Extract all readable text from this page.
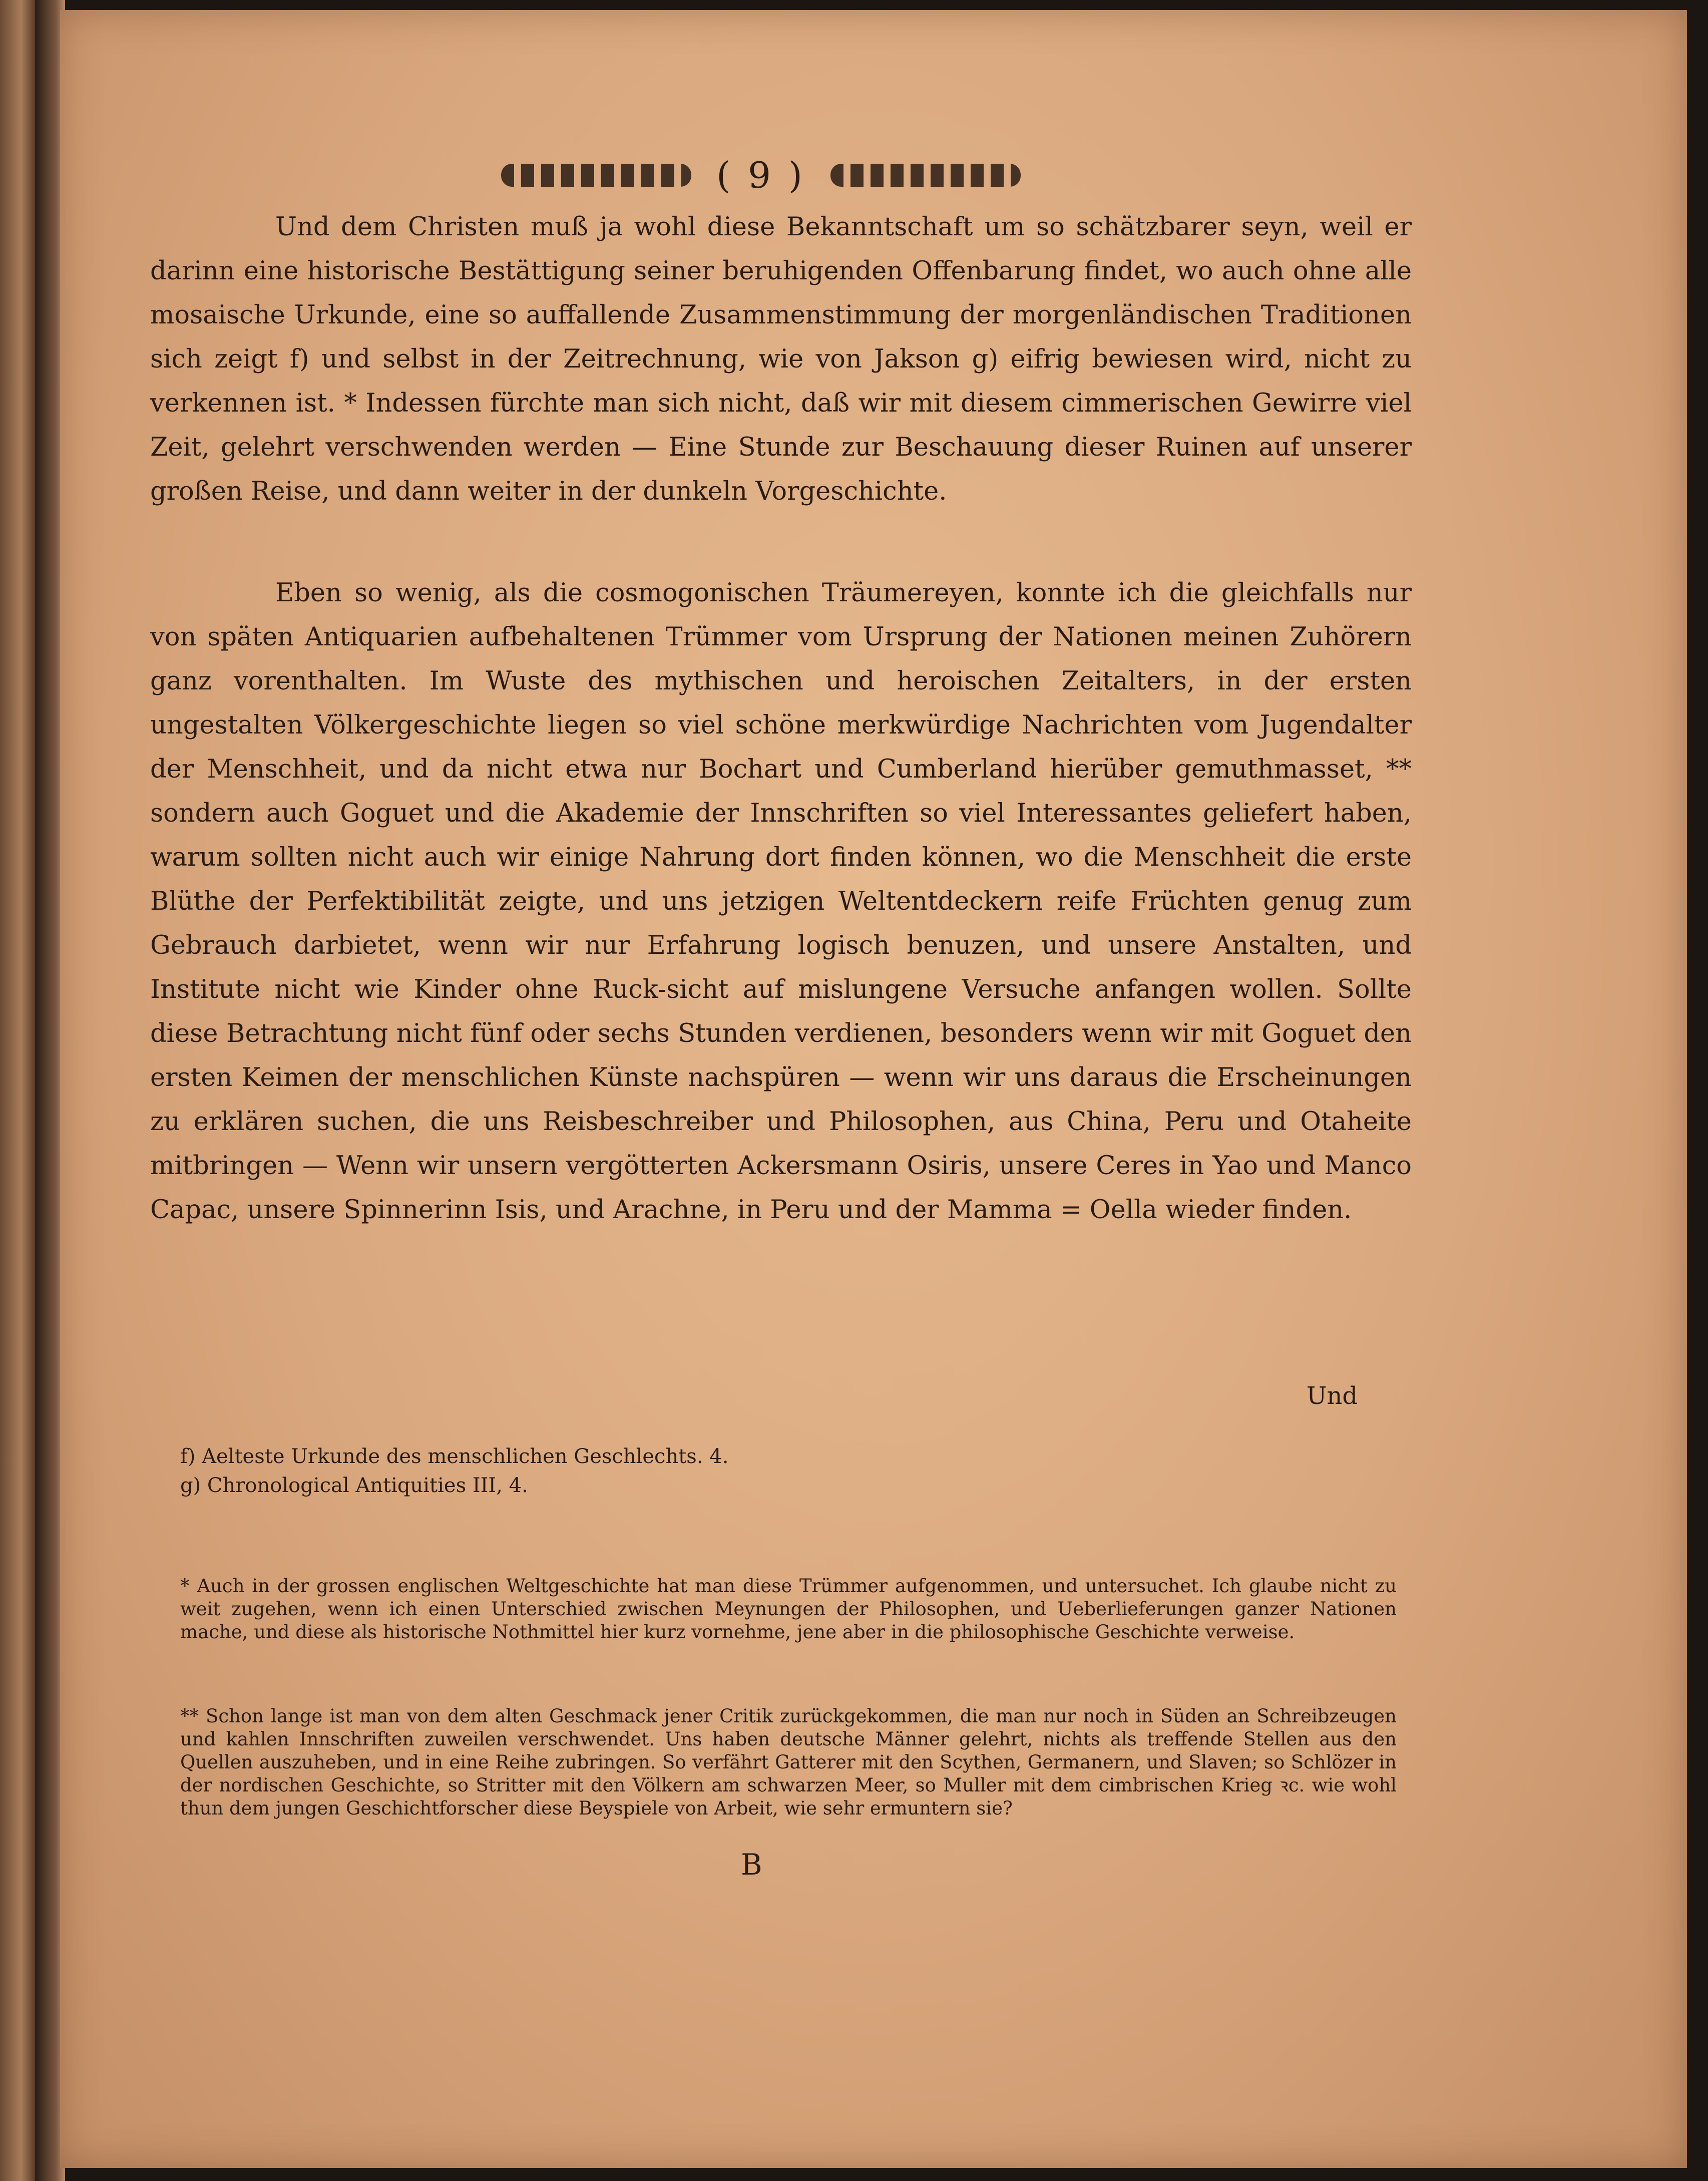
( 9 )

Und dem Christen muß ja wohl diese Bekanntschaft um so schätzbarer seyn, weil er darinn eine historische Bestättigung seiner beruhigenden Offenbarung findet, wo auch ohne alle mosaische Urkunde, eine so auffallende Zusammenstimmung der morgenländischen Traditionen sich zeigt f) und selbst in der Zeitrechnung, wie von Jakson g) eifrig bewiesen wird, nicht zu verkennen ist. * Indessen fürchte man sich nicht, daß wir mit diesem cimmerischen Gewirre viel Zeit, gelehrt verschwenden werden — Eine Stunde zur Beschauung dieser Ruinen auf unserer großen Reise, und dann weiter in der dunkeln Vorgeschichte.

Eben so wenig, als die cosmogonischen Träumereyen, konnte ich die gleichfalls nur von späten Antiquarien aufbehaltenen Trümmer vom Ursprung der Nationen meinen Zuhörern ganz vorenthalten. Im Wuste des mythischen und heroischen Zeitalters, in der ersten ungestalten Völkergeschichte liegen so viel schöne merkwürdige Nachrichten vom Jugendalter der Menschheit, und da nicht etwa nur Bochart und Cumberland hierüber gemuthmasset, ** sondern auch Goguet und die Akademie der Innschriften so viel Interessantes geliefert haben, warum sollten nicht auch wir einige Nahrung dort finden können, wo die Menschheit die erste Blüthe der Perfektibilität zeigte, und uns jetzigen Weltentdeckern reife Früchten genug zum Gebrauch darbietet, wenn wir nur Erfahrung logisch benuzen, und unsere Anstalten, und Institute nicht wie Kinder ohne Ruck-sicht auf mislungene Versuche anfangen wollen. Sollte diese Betrachtung nicht fünf oder sechs Stunden verdienen, besonders wenn wir mit Goguet den ersten Keimen der menschlichen Künste nachspüren — wenn wir uns daraus die Erscheinungen zu erklären suchen, die uns Reisbeschreiber und Philosophen, aus China, Peru und Otaheite mitbringen — Wenn wir unsern vergötterten Ackersmann Osiris, unsere Ceres in Yao und Manco Capac, unsere Spinnerinn Isis, und Arachne, in Peru und der Mamma = Oella wieder finden.

Und
f) Aelteste Urkunde des menschlichen Geschlechts. 4.
g) Chronological Antiquities III, 4.
* Auch in der grossen englischen Weltgeschichte hat man diese Trümmer aufgenommen, und untersuchet. Ich glaube nicht zu weit zugehen, wenn ich einen Unterschied zwischen Meynungen der Philosophen, und Ueberlieferungen ganzer Nationen mache, und diese als historische Nothmittel hier kurz vornehme, jene aber in die philosophische Geschichte verweise.
** Schon lange ist man von dem alten Geschmack jener Critik zurückgekommen, die man nur noch in Süden an Schreibzeugen und kahlen Innschriften zuweilen verschwendet. Uns haben deutsche Männer gelehrt, nichts als treffende Stellen aus den Quellen auszuheben, und in eine Reihe zubringen. So verfährt Gatterer mit den Scythen, Germanern, und Slaven; so Schlözer in der nordischen Geschichte, so Stritter mit den Völkern am schwarzen Meer, so Muller mit dem cimbrischen Krieg ꝛc. wie wohl thun dem jungen Geschichtforscher diese Beyspiele von Arbeit, wie sehr ermuntern sie?
B
